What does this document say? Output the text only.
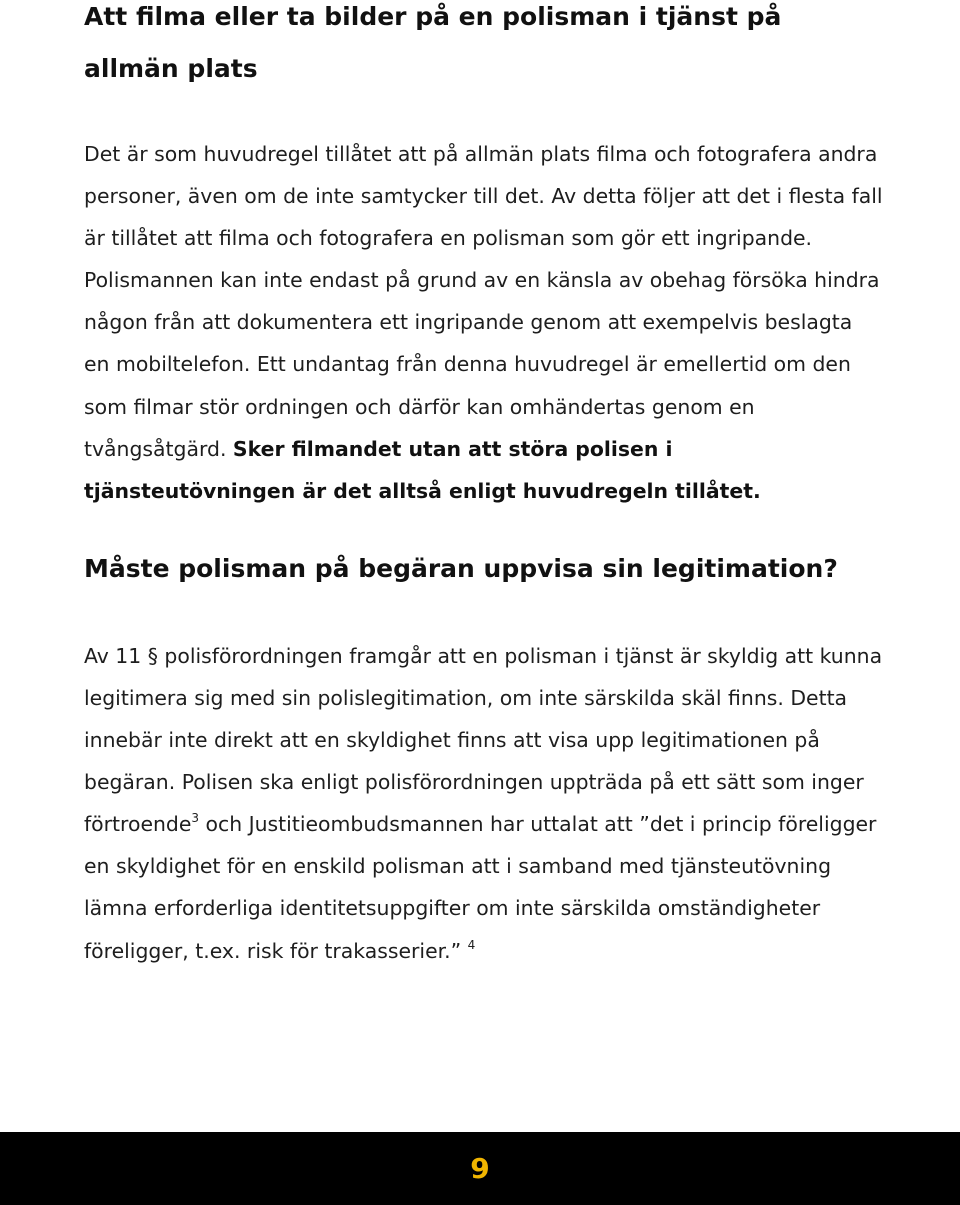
Att filma eller ta bilder på en polisman i tjänst på allmän plats

Det är som huvudregel tillåtet att på allmän plats filma och fotografera andra personer, även om de inte samtycker till det. Av detta följer att det i flesta fall är tillåtet att filma och fotografera en polisman som gör ett ingripande. Polismannen kan inte endast på grund av en känsla av obehag försöka hindra någon från att dokumentera ett ingripande genom att exempelvis beslagta en mobiltelefon. Ett undantag från denna huvudregel är emellertid om den som filmar stör ordningen och därför kan omhändertas genom en tvångsåtgärd. Sker filmandet utan att störa polisen i tjänsteutövningen är det alltså enligt huvudregeln tillåtet.

Måste polisman på begäran uppvisa sin legitimation?

Av 11 § polisförordningen framgår att en polisman i tjänst är skyldig att kunna legitimera sig med sin polislegitimation, om inte särskilda skäl finns. Detta innebär inte direkt att en skyldighet finns att visa upp legitimationen på begäran. Polisen ska enligt polisförordningen uppträda på ett sätt som inger förtroende$^3$ och Justitieombudsmannen har uttalat att ”det i princip föreligger en skyldighet för en enskild polisman att i samband med tjänsteutövning lämna erforderliga identitetsuppgifter om inte särskilda omständigheter föreligger, t.ex. risk för trakasserier.” $^4$

9
